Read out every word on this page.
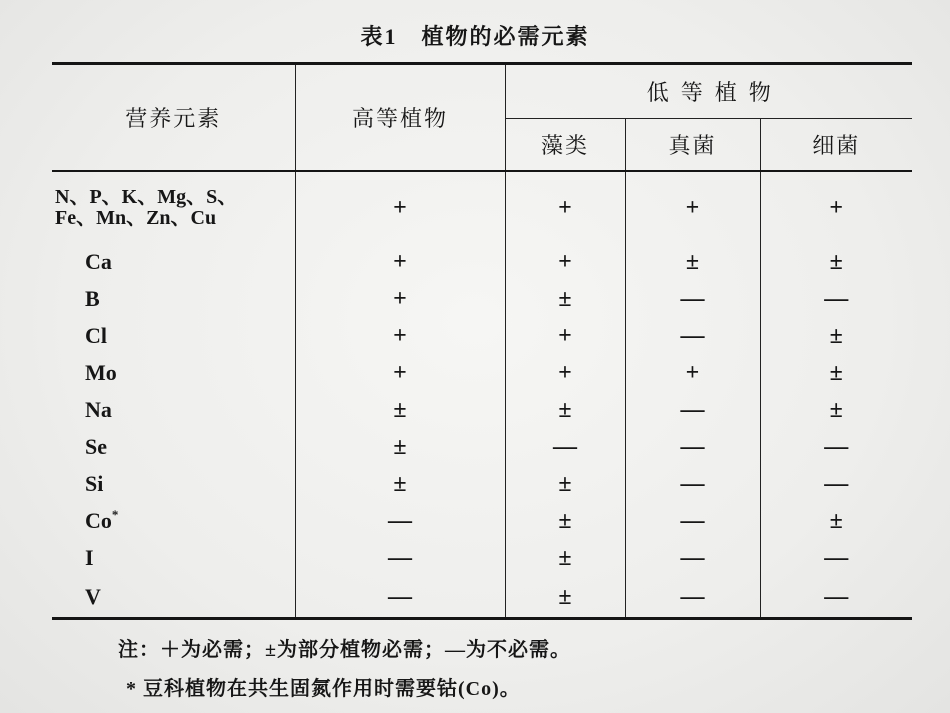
表1　植物的必需元素
营养元素	高等植物	低等植物		
		藻类	真菌	细菌
N、P、K、Mg、S、
Fe、Mn、Zn、Cu	+	+	+	+
Ca	+	+	±	±
B	+	±	—	—
Cl	+	+	—	±
Mo	+	+	+	±
Na	±	±	—	±
Se	±	—	—	—
Si	±	±	—	—
Co*	—	±	—	±
I	—	±	—	—
V	—	±	—	—
注：＋为必需；±为部分植物必需；—为不必需。
* 豆科植物在共生固氮作用时需要钴(Co)。
